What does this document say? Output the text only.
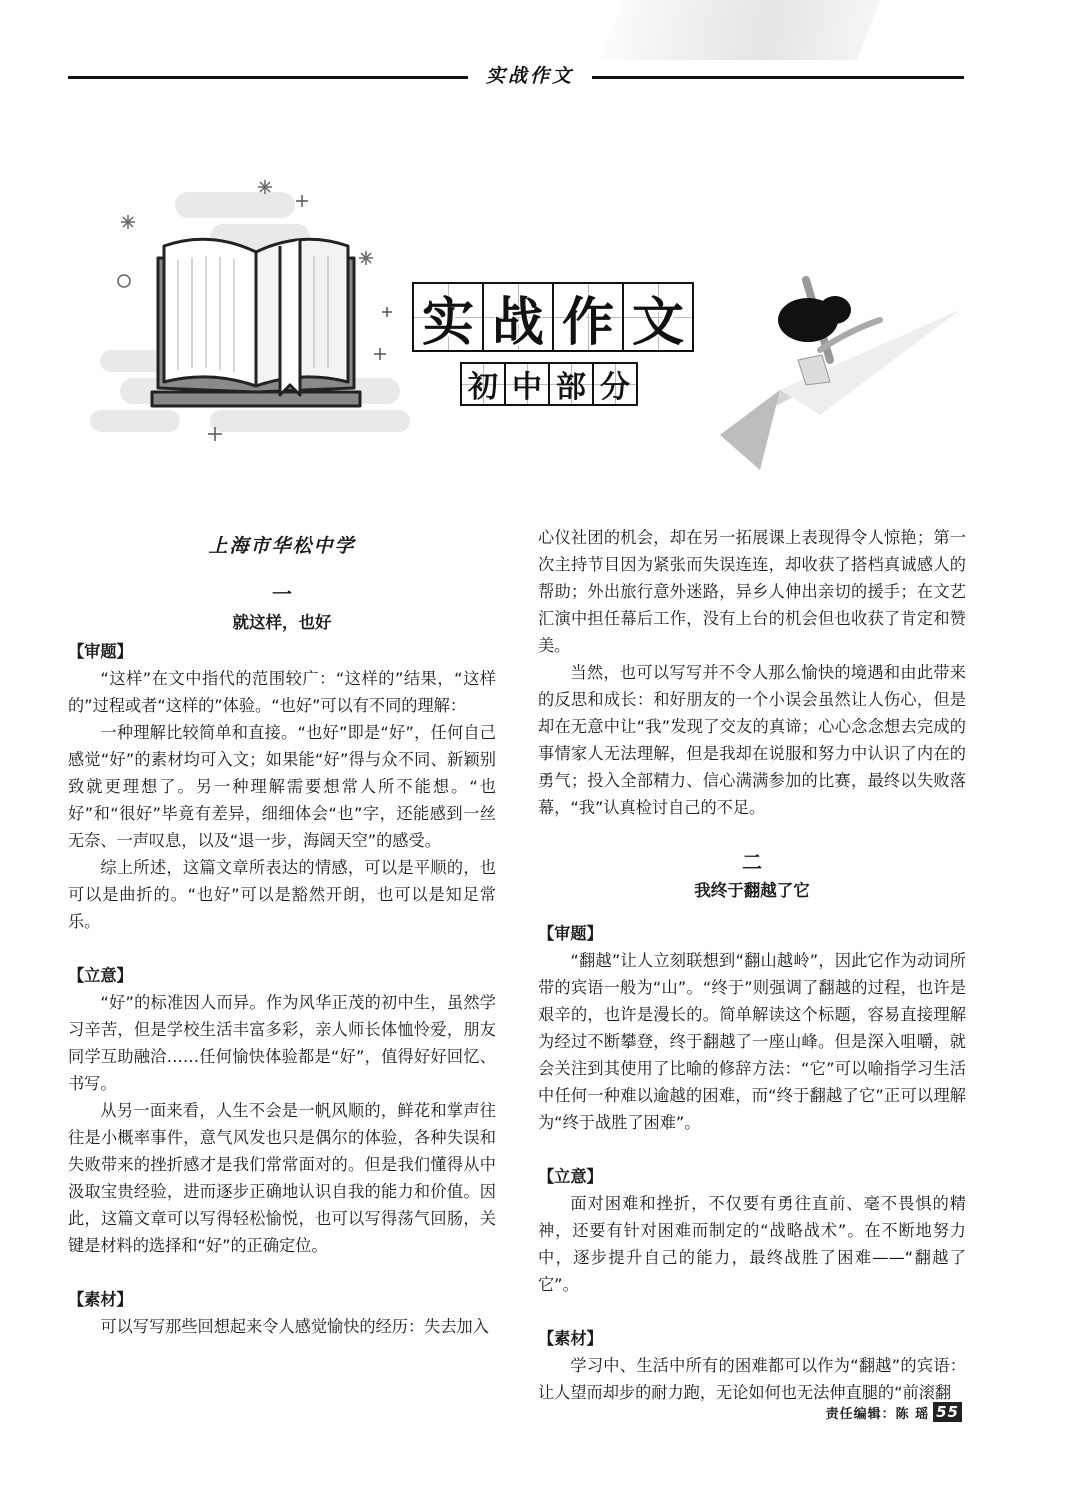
实战作文
实 战 作 文
初 中 部 分
上海市华松中学
一
就这样，也好
【审题】

“这样”在文中指代的范围较广：“这样的”结果，“这样的”过程或者“这样的”体验。“也好”可以有不同的理解：

一种理解比较简单和直接。“也好”即是“好”，任何自己感觉“好”的素材均可入文；如果能“好”得与众不同、新颖别致就更理想了。另一种理解需要想常人所不能想。“也好”和“很好”毕竟有差异，细细体会“也”字，还能感到一丝无奈、一声叹息，以及“退一步，海阔天空”的感受。

综上所述，这篇文章所表达的情感，可以是平顺的，也可以是曲折的。“也好”可以是豁然开朗，也可以是知足常乐。

【立意】

“好”的标准因人而异。作为风华正茂的初中生，虽然学习辛苦，但是学校生活丰富多彩，亲人师长体恤怜爱，朋友同学互助融洽……任何愉快体验都是“好”，值得好好回忆、书写。

从另一面来看，人生不会是一帆风顺的，鲜花和掌声往往是小概率事件，意气风发也只是偶尔的体验，各种失误和失败带来的挫折感才是我们常常面对的。但是我们懂得从中汲取宝贵经验，进而逐步正确地认识自我的能力和价值。因此，这篇文章可以写得轻松愉悦，也可以写得荡气回肠，关键是材料的选择和“好”的正确定位。

【素材】

可以写写那些回想起来令人感觉愉快的经历：失去加入

心仪社团的机会，却在另一拓展课上表现得令人惊艳；第一次主持节目因为紧张而失误连连，却收获了搭档真诚感人的帮助；外出旅行意外迷路，异乡人伸出亲切的援手；在文艺汇演中担任幕后工作，没有上台的机会但也收获了肯定和赞美。

当然，也可以写写并不令人那么愉快的境遇和由此带来的反思和成长：和好朋友的一个小误会虽然让人伤心，但是却在无意中让“我”发现了交友的真谛；心心念念想去完成的事情家人无法理解，但是我却在说服和努力中认识了内在的勇气；投入全部精力、信心满满参加的比赛，最终以失败落幕，“我”认真检讨自己的不足。

二
我终于翻越了它
【审题】

“翻越”让人立刻联想到“翻山越岭”，因此它作为动词所带的宾语一般为“山”。“终于”则强调了翻越的过程，也许是艰辛的，也许是漫长的。简单解读这个标题，容易直接理解为经过不断攀登，终于翻越了一座山峰。但是深入咀嚼，就会关注到其使用了比喻的修辞方法：“它”可以喻指学习生活中任何一种难以逾越的困难，而“终于翻越了它”正可以理解为“终于战胜了困难”。

【立意】

面对困难和挫折，不仅要有勇往直前、毫不畏惧的精神，还要有针对困难而制定的“战略战术”。在不断地努力中，逐步提升自己的能力，最终战胜了困难——“翻越了它”。

【素材】

学习中、生活中所有的困难都可以作为“翻越”的宾语：让人望而却步的耐力跑，无论如何也无法伸直腿的“前滚翻

责任编辑：陈 瑶 55
